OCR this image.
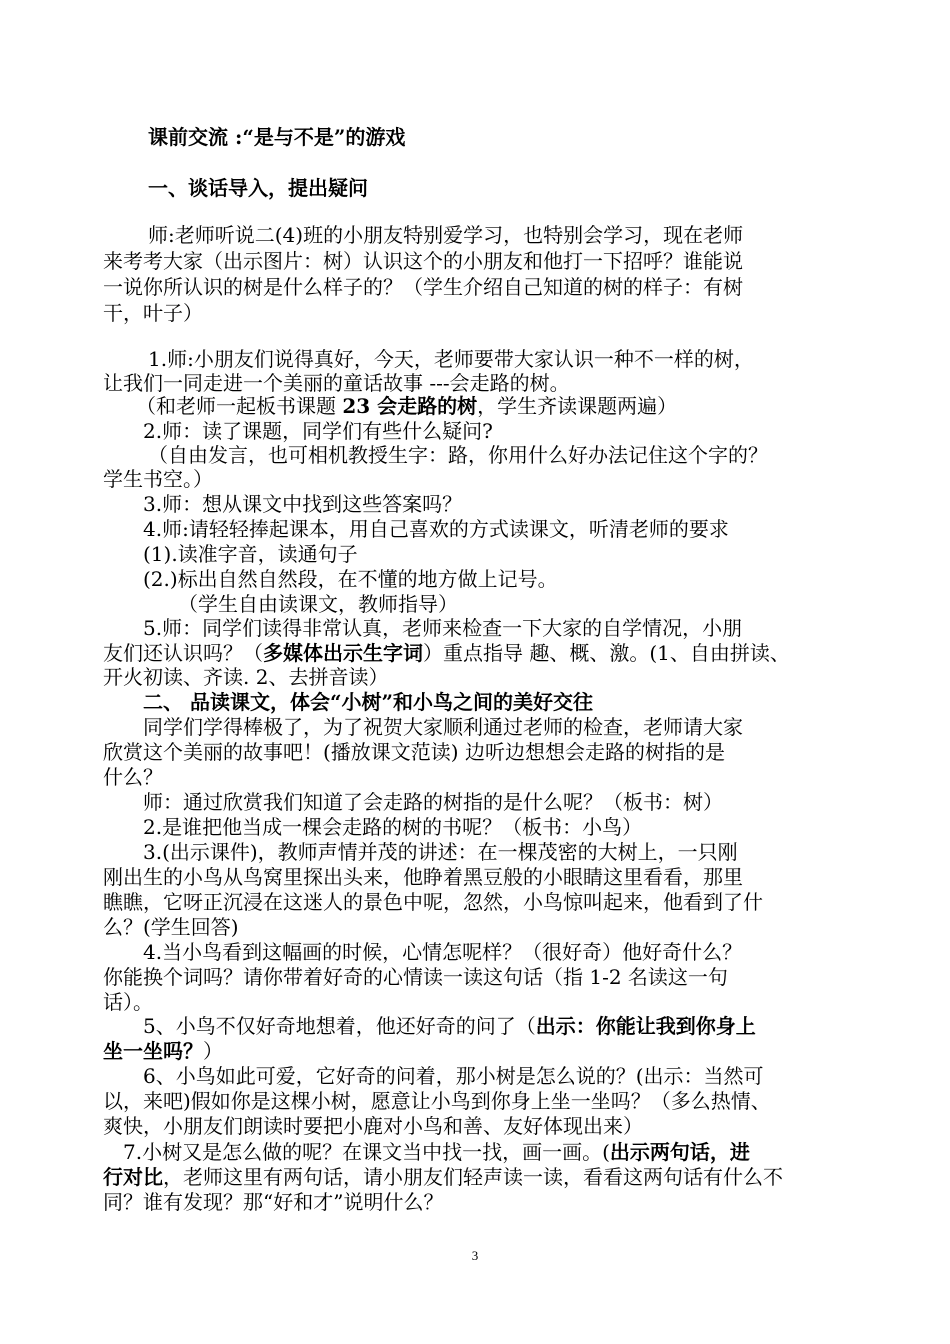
课前交流 :“是与不是”的游戏
一、谈话导入，提出疑问
师:老师听说二(4)班的小朋友特别爱学习，也特别会学习，现在老师
来考考大家（出示图片：树）认识这个的小朋友和他打一下招呼？谁能说
一说你所认识的树是什么样子的？（学生介绍自己知道的树的样子：有树
干，叶子）
1.师:小朋友们说得真好，今天，老师要带大家认识一种不一样的树，
让我们一同走进一个美丽的童话故事 ---会走路的树。
（和老师一起板书课题 23 会走路的树，学生齐读课题两遍）
2.师：读了课题，同学们有些什么疑问?
（自由发言，也可相机教授生字：路，你用什么好办法记住这个字的？
学生书空。）
3.师：想从课文中找到这些答案吗？
4.师:请轻轻捧起课本，用自己喜欢的方式读课文，听清老师的要求
(1).读准字音，读通句子
(2.)标出自然自然段，在不懂的地方做上记号。
（学生自由读课文，教师指导）
5.师：同学们读得非常认真，老师来检查一下大家的自学情况，小朋
友们还认识吗？（多媒体出示生字词）重点指导 趣、概、激。(1、自由拼读、
开火初读、齐读. 2、去拼音读）
二、 品读课文，体会“小树”和小鸟之间的美好交往
同学们学得棒极了，为了祝贺大家顺利通过老师的检查，老师请大家
欣赏这个美丽的故事吧！(播放课文范读) 边听边想想会走路的树指的是
什么？
师：通过欣赏我们知道了会走路的树指的是什么呢？（板书：树）
2.是谁把他当成一棵会走路的树的书呢？（板书：小鸟）
3.(出示课件)，教师声情并茂的讲述：在一棵茂密的大树上，一只刚
刚出生的小鸟从鸟窝里探出头来，他睁着黑豆般的小眼睛这里看看，那里
瞧瞧，它呀正沉浸在这迷人的景色中呢，忽然，小鸟惊叫起来，他看到了什
么？(学生回答)
4.当小鸟看到这幅画的时候，心情怎呢样？（很好奇）他好奇什么？
你能换个词吗？请你带着好奇的心情读一读这句话（指 1-2 名读这一句
话）。
5、小鸟不仅好奇地想着，他还好奇的问了（出示：你能让我到你身上
坐一坐吗？）
6、小鸟如此可爱，它好奇的问着，那小树是怎么说的？(出示：当然可
以，来吧)假如你是这棵小树，愿意让小鸟到你身上坐一坐吗？（多么热情、
爽快，小朋友们朗读时要把小鹿对小鸟和善、友好体现出来）
7.小树又是怎么做的呢？在课文当中找一找，画一画。(出示两句话，进
行对比，老师这里有两句话，请小朋友们轻声读一读，看看这两句话有什么不
同？谁有发现？那“好和才”说明什么？
3
